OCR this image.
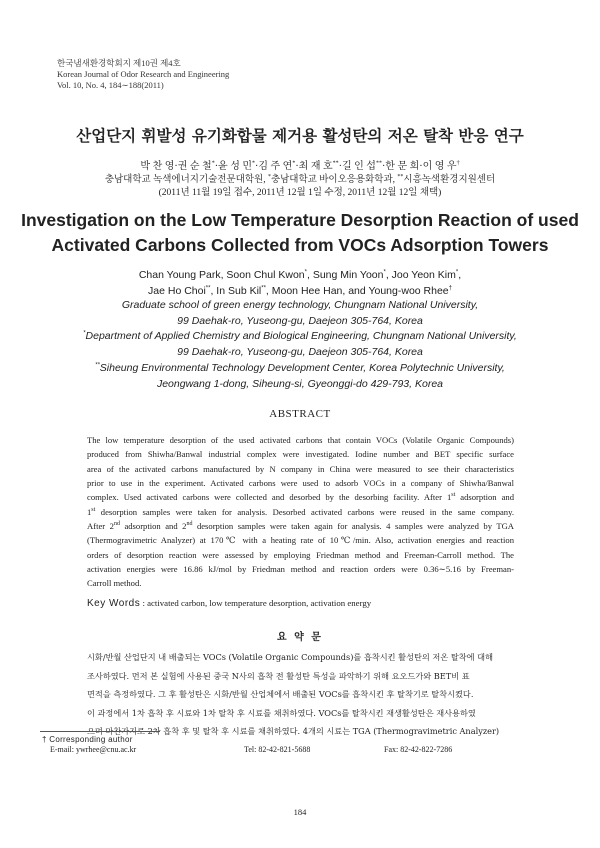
한국냄새환경학회지 제10권 제4호
Korean Journal of Odor Research and Engineering
Vol. 10, No. 4, 184∼188(2011)
산업단지 휘발성 유기화합물 제거용 활성탄의 저온 탈착 반응 연구
박 찬 영·권 순 철*·윤 성 민*·김 주 연*·최 재 호**·길 인 섭**·한 문 희·이 영 우†
충남대학교 녹색에너지기술전문대학원, *충남대학교 바이오응용화학과, **시흥녹색환경지원센터
(2011년 11월 19일 접수, 2011년 12월 1일 수정, 2011년 12월 12일 채택)
Investigation on the Low Temperature Desorption Reaction of used
Activated Carbons Collected from VOCs Adsorption Towers
Chan Young Park, Soon Chul Kwon*, Sung Min Yoon*, Joo Yeon Kim*,
Jae Ho Choi**, In Sub Kil**, Moon Hee Han, and Young-woo Rhee†
Graduate school of green energy technology, Chungnam National University,
99 Daehak-ro, Yuseong-gu, Daejeon 305-764, Korea
*Department of Applied Chemistry and Biological Engineering, Chungnam National University,
99 Daehak-ro, Yuseong-gu, Daejeon 305-764, Korea
**Siheung Environmental Technology Development Center, Korea Polytechnic University,
Jeongwang 1-dong, Siheung-si, Gyeonggi-do 429-793, Korea
ABSTRACT
The low temperature desorption of the used activated carbons that contain VOCs (Volatile Organic Compounds)
produced from Shiwha/Banwal industrial complex were investigated. Iodine number and BET specific surface
area of the activated carbons manufactured by N company in China were measured to see their characteristics
prior to use in the experiment. Activated carbons were used to adsorb VOCs in a company of Shiwha/Banwal
complex. Used activated carbons were collected and desorbed by the desorbing facility. After 1st adsorption and
1st desorption samples were taken for analysis. Desorbed activated carbons were reused in the same company.
After 2nd adsorption and 2nd desorption samples were taken again for analysis. 4 samples were analyzed by TGA
(Thermogravimetric Analyzer) at 170℃ with a heating rate of 10℃/min. Also, activation energies and reaction
orders of desorption reaction were assessed by employing Friedman method and Freeman-Carroll method. The
activation energies were 16.86 kJ/mol by Friedman method and reaction orders were 0.36∼5.16 by Freeman-
Carroll method.
Key Words : activated carbon, low temperature desorption, activation energy
요 약 문
시화/반월 산업단지 내 배출되는 VOCs (Volatile Organic Compounds)를 흡착시킨 활성탄의 저온 탈착에 대해
조사하였다. 먼저 본 실험에 사용된 중국 N사의 흡착 전 활성탄 특성을 파악하기 위해 요오드가와 BET비 표
면적을 측정하였다. 그 후 활성탄은 시화/반월 산업체에서 배출된 VOCs를 흡착시킨 후 탈착기로 탈착시켰다.
이 과정에서 1차 흡착 후 시료와 1차 탈착 후 시료를 채취하였다. VOCs를 탈착시킨 재생활성탄은 재사용하였
으며 마찬가지로 2차 흡착 후 및 탈착 후 시료를 채취하였다. 4개의 시료는 TGA (Thermogravimetric Analyzer)
† Corresponding author
E-mail: ywrhee@cnu.ac.kr	Tel: 82-42-821-5688	Fax: 82-42-822-7286
184
